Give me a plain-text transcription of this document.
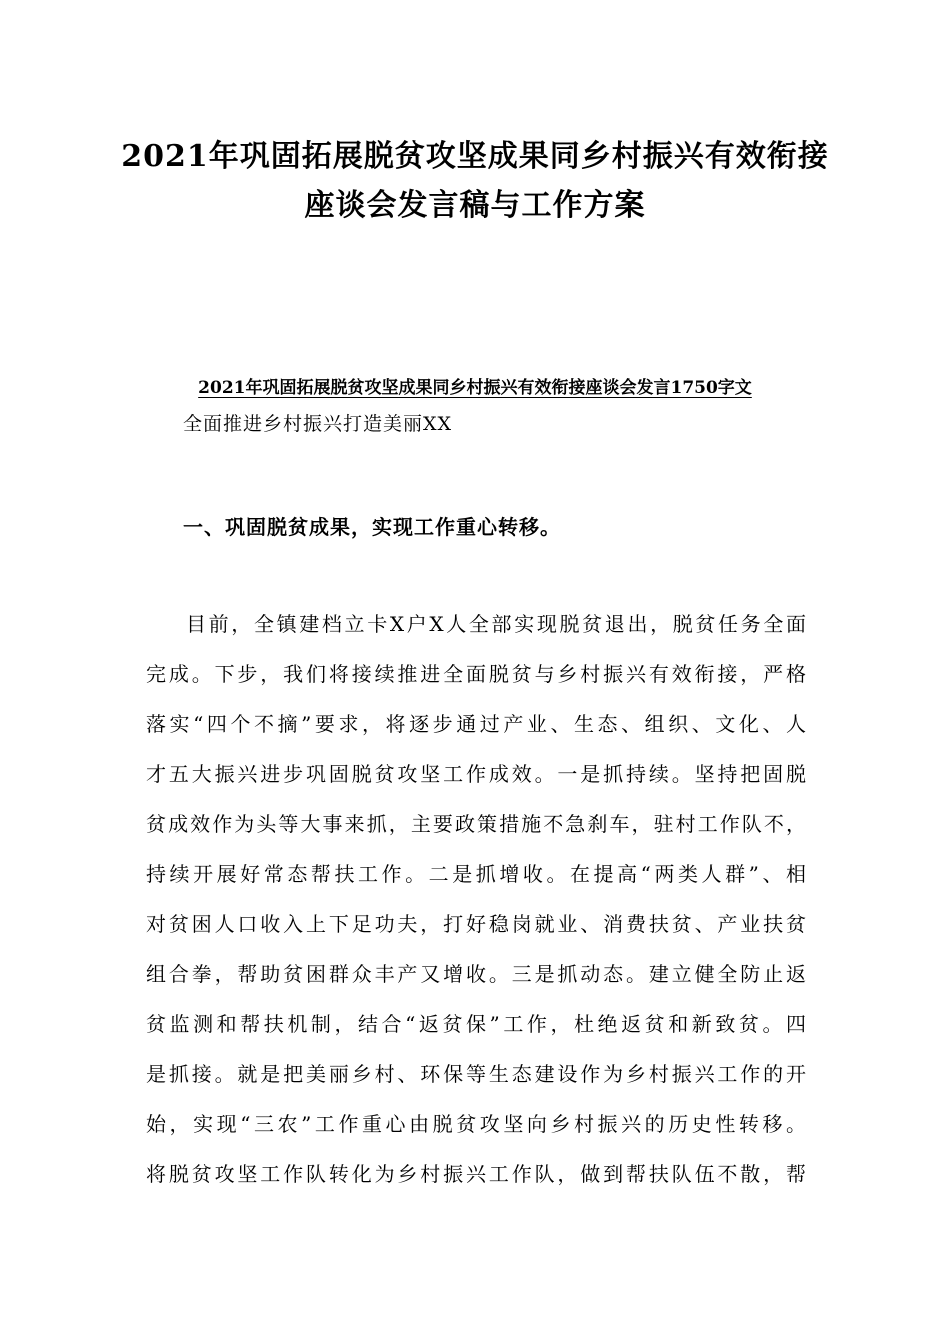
2021年巩固拓展脱贫攻坚成果同乡村振兴有效衔接
座谈会发言稿与工作方案
2021年巩固拓展脱贫攻坚成果同乡村振兴有效衔接座谈会发言1750字文
全面推进乡村振兴打造美丽XX
一、巩固脱贫成果，实现工作重心转移。
目前，全镇建档立卡X户X人全部实现脱贫退出，脱贫任务全面
完成。下步，我们将接续推进全面脱贫与乡村振兴有效衔接，严格
落实“四个不摘”要求，将逐步通过产业、生态、组织、文化、人
才五大振兴进步巩固脱贫攻坚工作成效。一是抓持续。坚持把固脱
贫成效作为头等大事来抓，主要政策措施不急刹车，驻村工作队不，
持续开展好常态帮扶工作。二是抓增收。在提高“两类人群”、相
对贫困人口收入上下足功夫，打好稳岗就业、消费扶贫、产业扶贫
组合拳，帮助贫困群众丰产又增收。三是抓动态。建立健全防止返
贫监测和帮扶机制，结合“返贫保”工作，杜绝返贫和新致贫。四
是抓接。就是把美丽乡村、环保等生态建设作为乡村振兴工作的开
始，实现“三农”工作重心由脱贫攻坚向乡村振兴的历史性转移。
将脱贫攻坚工作队转化为乡村振兴工作队，做到帮扶队伍不散，帮
